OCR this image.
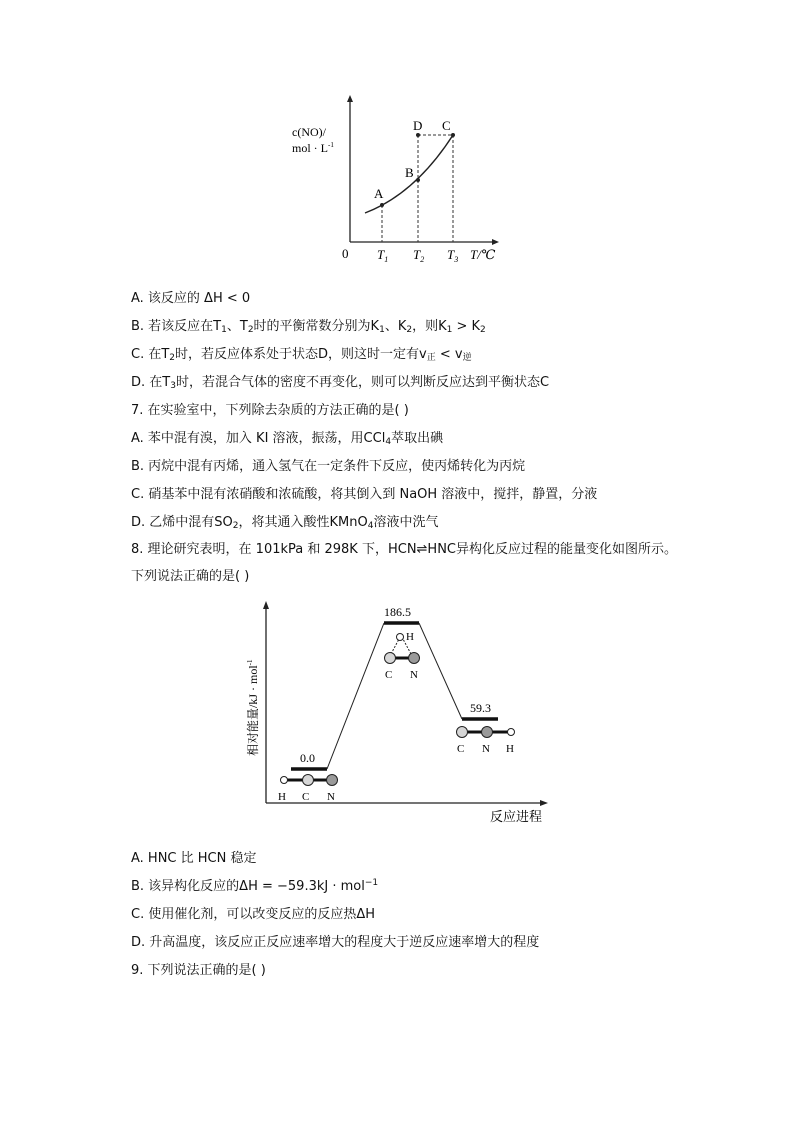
c(NO)/
mol · $L^{-1}$
A
B
D C
0 $T_1$ $T_2$ $T_3$ T/℃
A. 该反应的 ΔH < 0
B. 若该反应在$T_1$、$T_2$时的平衡常数分别为$K_1$、$K_2$，则$K_1 > K_2$
C. 在$T_2$时，若反应体系处于状态D，则这时一定有$v_正 < v_逆$
D. 在$T_3$时，若混合气体的密度不再变化，则可以判断反应达到平衡状态C
7. 在实验室中，下列除去杂质的方法正确的是( )
A. 苯中混有溴，加入 KI 溶液，振荡，用CCl$_4$萃取出碘
B. 丙烷中混有丙烯，通入氢气在一定条件下反应，使丙烯转化为丙烷
C. 硝基苯中混有浓硝酸和浓硫酸，将其倒入到 NaOH 溶液中，搅拌，静置，分液
D. 乙烯中混有$SO_2$，将其通入酸性KMnO$_4$溶液中洗气
8. 理论研究表明，在 101kPa 和 298K 下，HCN⇌HNC异构化反应过程的能量变化如图所示。
下列说法正确的是( )
相对能量/kJ · mol$^{-1}$
反应进程
0.0
186.5
59.3
H C N
H
C N
C N H
A. HNC 比 HCN 稳定
B. 该异构化反应的ΔH = −59.3kJ · mol$^{-1}$
C. 使用催化剂，可以改变反应的反应热ΔH
D. 升高温度，该反应正反应速率增大的程度大于逆反应速率增大的程度
9. 下列说法正确的是( )
